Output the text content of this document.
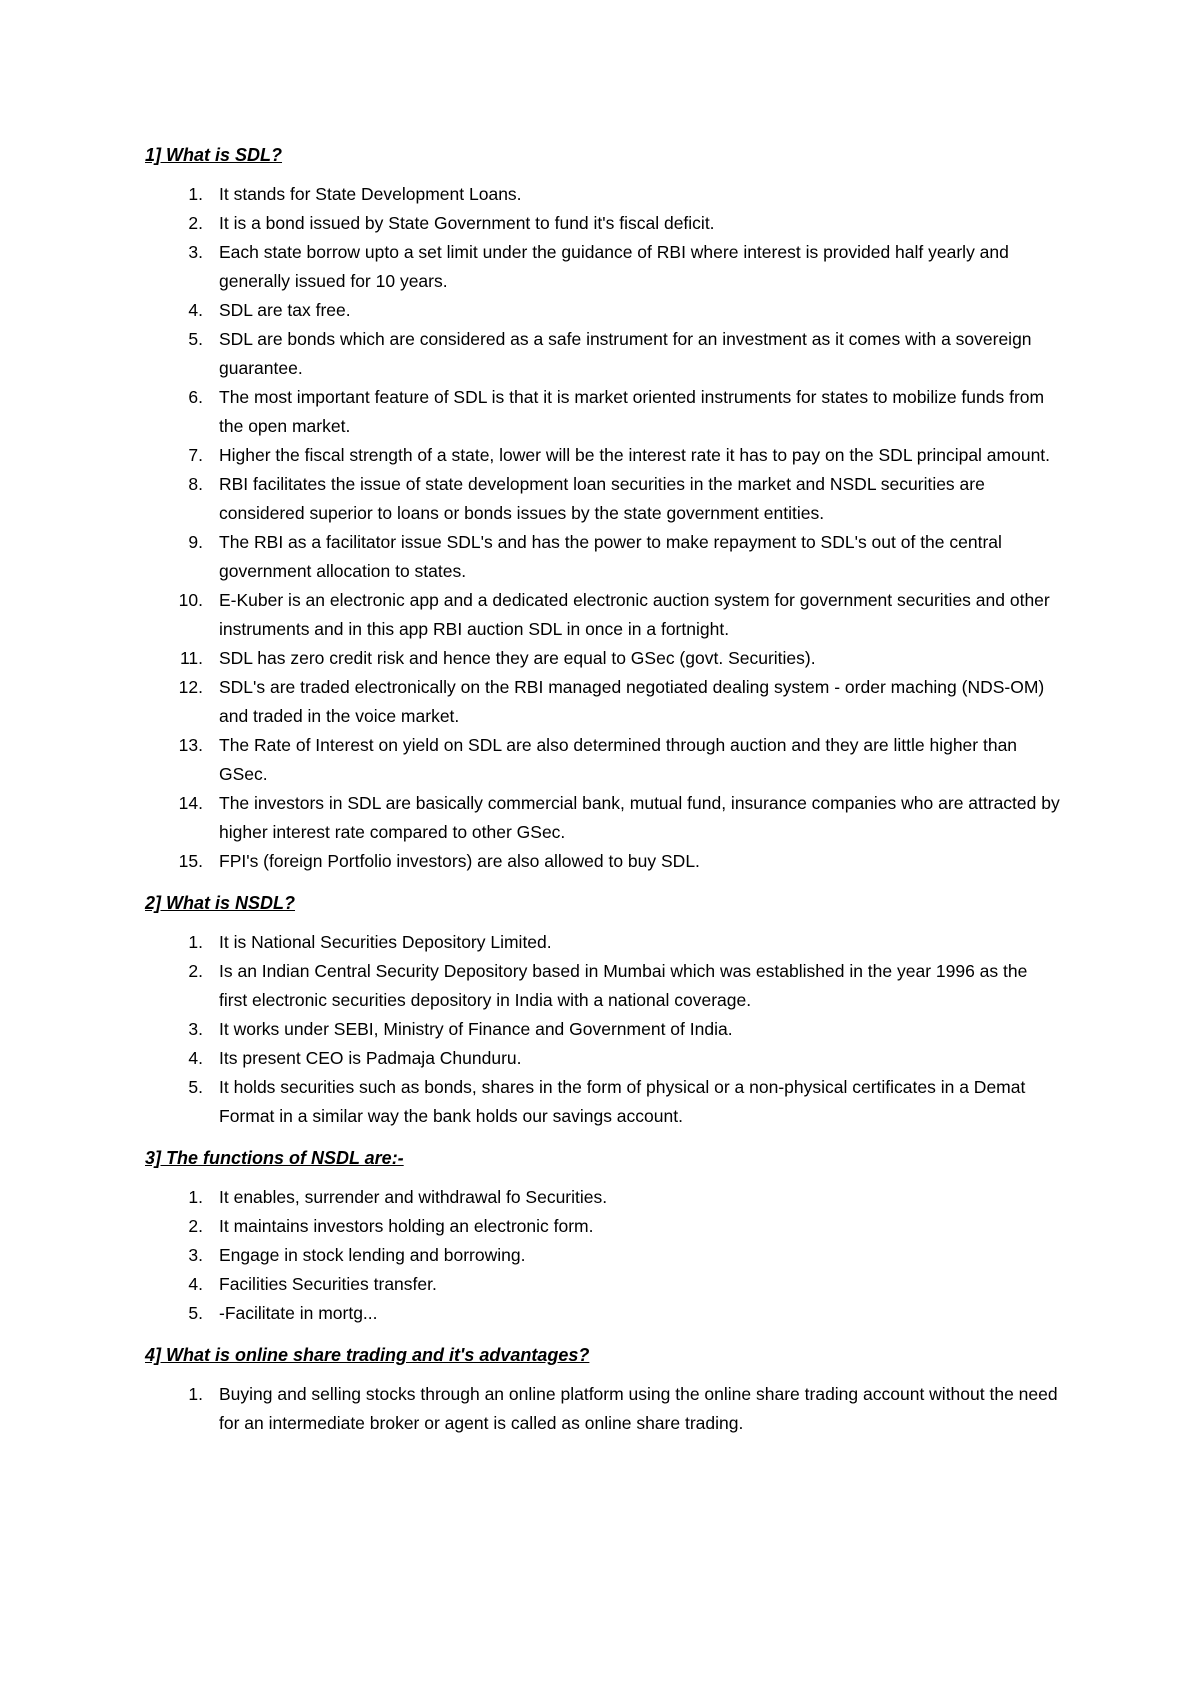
1] What is SDL?
1. It stands for State Development Loans.
2. It is a bond issued by State Government to fund it's fiscal deficit.
3. Each state borrow upto a set limit under the guidance of RBI where interest is provided half yearly and generally issued for 10 years.
4. SDL are tax free.
5. SDL are bonds which are considered as a safe instrument for an investment as it comes with a sovereign guarantee.
6. The most important feature of SDL is that it is market oriented instruments for states to mobilize funds from the open market.
7. Higher the fiscal strength of a state, lower will be the interest rate it has to pay on the SDL principal amount.
8. RBI facilitates the issue of state development loan securities in the market and NSDL securities are considered superior to loans or bonds issues by the state government entities.
9. The RBI as a facilitator issue SDL's and has the power to make repayment to SDL's out of the central government allocation to states.
10. E-Kuber is an electronic app and a dedicated electronic auction system for government securities and other instruments and in this app RBI auction SDL in once in a fortnight.
11. SDL has zero credit risk and hence they are equal to GSec (govt. Securities).
12. SDL's are traded electronically on the RBI managed negotiated dealing system - order maching (NDS-OM) and traded in the voice market.
13. The Rate of Interest on yield on SDL are also determined through auction and they are little higher than GSec.
14. The investors in SDL are basically commercial bank, mutual fund, insurance companies who are attracted by higher interest rate compared to other GSec.
15. FPI's (foreign Portfolio investors) are also allowed to buy SDL.
2] What is NSDL?
1. It is National Securities Depository Limited.
2. Is an Indian Central Security Depository based in Mumbai which was established in the year 1996 as the first electronic securities depository in India with a national coverage.
3. It works under SEBI, Ministry of Finance and Government of India.
4. Its present CEO is Padmaja Chunduru.
5. It holds securities such as bonds, shares in the form of physical or a non-physical certificates in a Demat Format in a similar way the bank holds our savings account.
3] The functions of NSDL are:-
1. It enables, surrender and withdrawal fo Securities.
2. It maintains investors holding an electronic form.
3. Engage in stock lending and borrowing.
4. Facilities Securities transfer.
5. -Facilitate in mortg...
4] What is online share trading and it's advantages?
1. Buying and selling stocks through an online platform using the online share trading account without the need for an intermediate broker or agent is called as online share trading.
